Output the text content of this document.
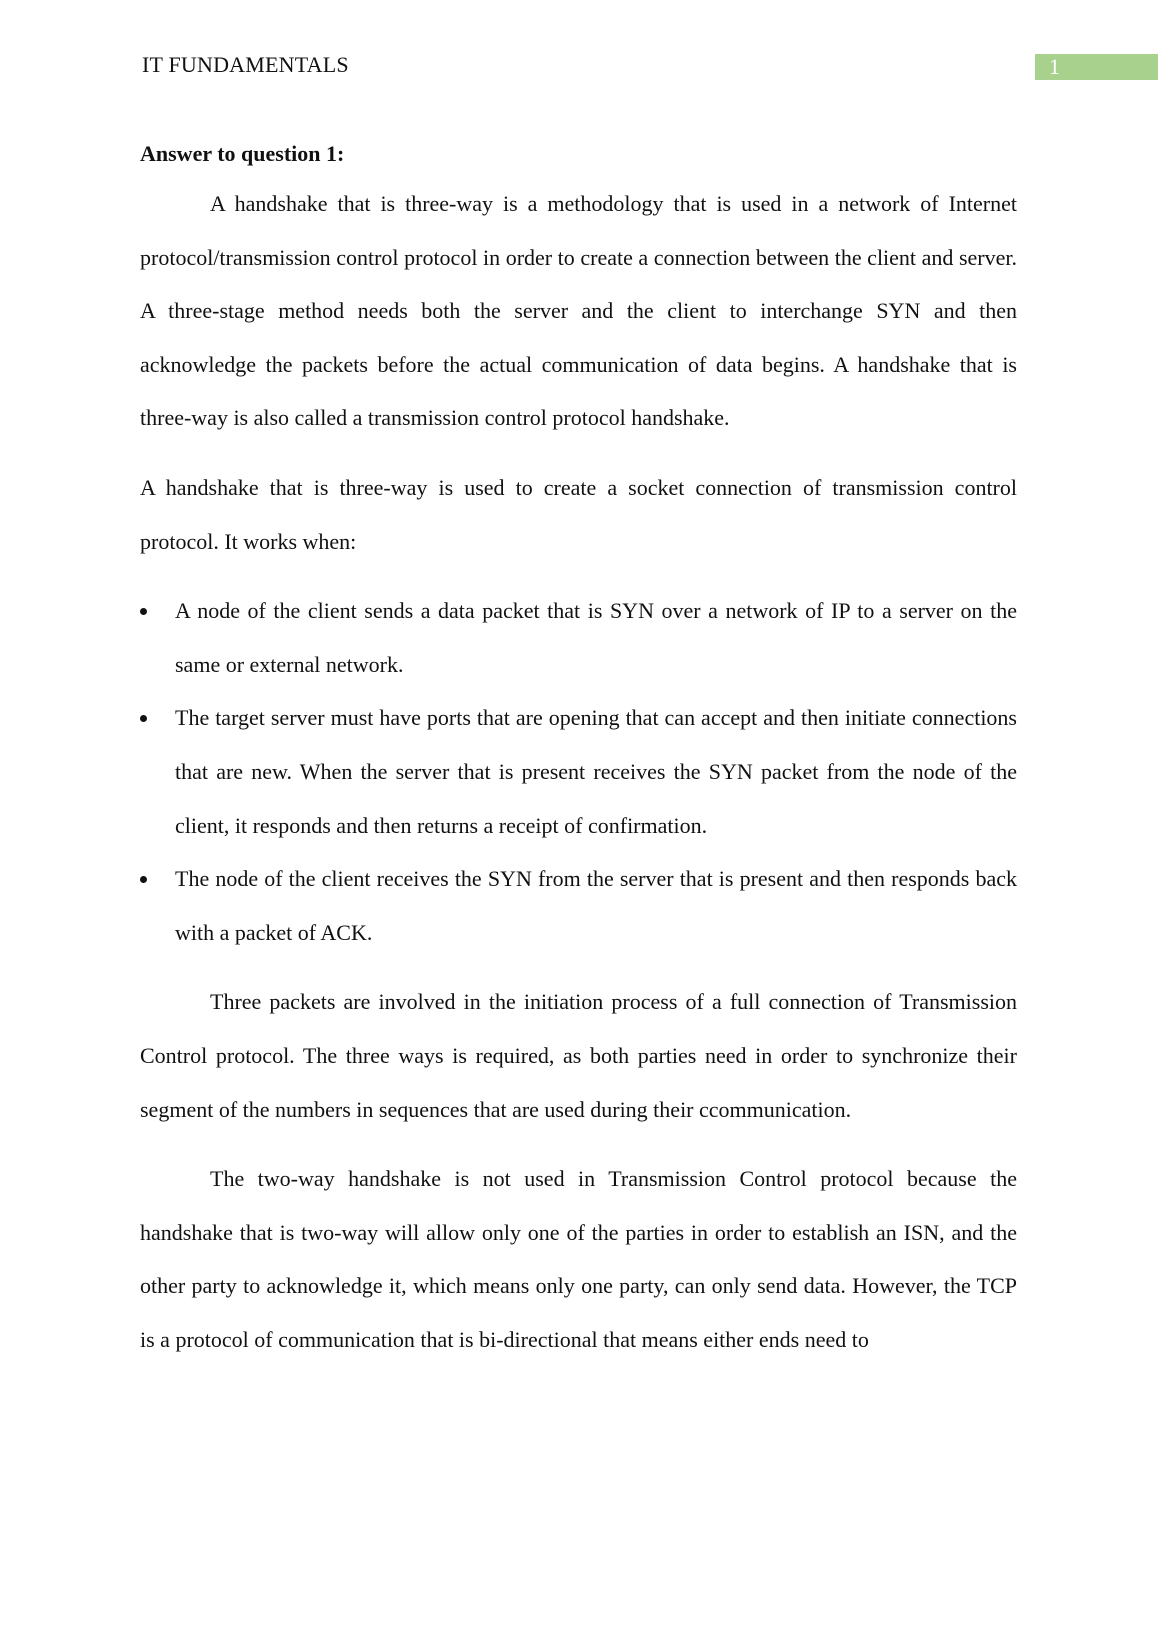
IT FUNDAMENTALS	1
Answer to question 1:

A handshake that is three-way is a methodology that is used in a network of Internet protocol/transmission control protocol in order to create a connection between the client and server. A three-stage method needs both the server and the client to interchange SYN and then acknowledge the packets before the actual communication of data begins. A handshake that is three-way is also called a transmission control protocol handshake.

A handshake that is three-way is used to create a socket connection of transmission control protocol. It works when:

A node of the client sends a data packet that is SYN over a network of IP to a server on the same or external network.
The target server must have ports that are opening that can accept and then initiate connections that are new. When the server that is present receives the SYN packet from the node of the client, it responds and then returns a receipt of confirmation.
The node of the client receives the SYN from the server that is present and then responds back with a packet of ACK.

Three packets are involved in the initiation process of a full connection of Transmission Control protocol. The three ways is required, as both parties need in order to synchronize their segment of the numbers in sequences that are used during their ccommunication.

The two-way handshake is not used in Transmission Control protocol because the handshake that is two-way will allow only one of the parties in order to establish an ISN, and the other party to acknowledge it, which means only one party, can only send data. However, the TCP is a protocol of communication that is bi-directional that means either ends need to
